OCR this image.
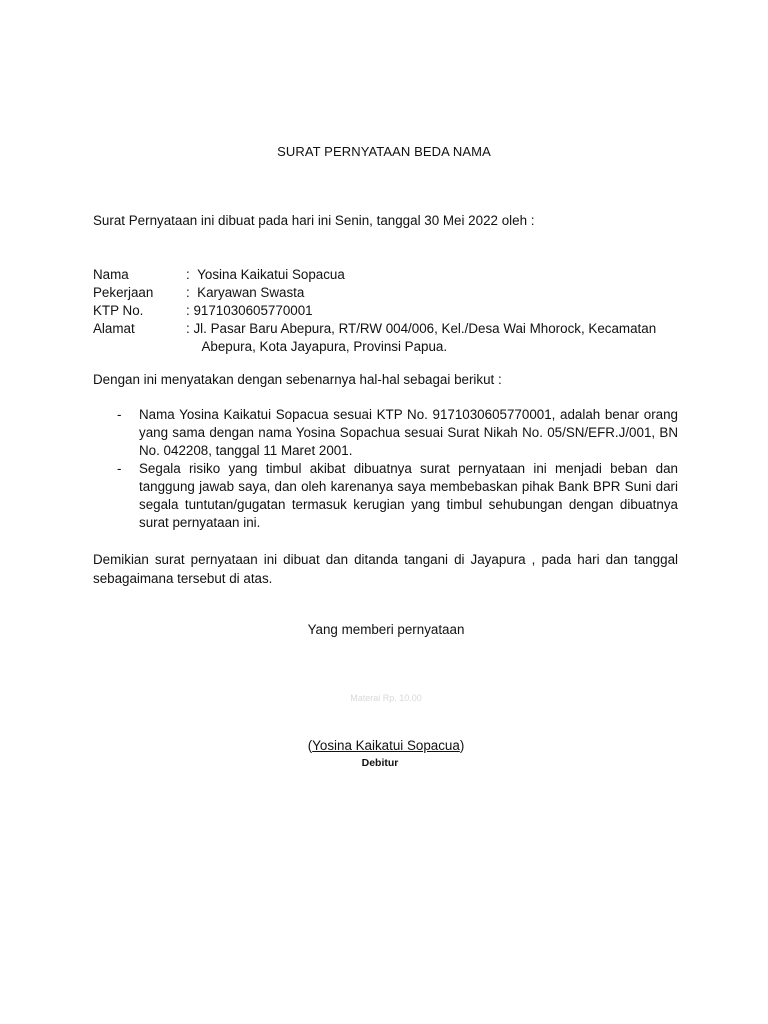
SURAT PERNYATAAN BEDA NAMA
Surat Pernyataan ini dibuat pada hari ini Senin, tanggal 30 Mei 2022 oleh :
Nama	: Yosina Kaikatui Sopacua
Pekerjaan	: Karyawan Swasta
KTP No.	: 9171030605770001
Alamat	: Jl. Pasar Baru Abepura, RT/RW 004/006, Kel./Desa Wai Mhorock, Kecamatan
Abepura, Kota Jayapura, Provinsi Papua.
Dengan ini menyatakan dengan sebenarnya hal-hal sebagai berikut :
-	Nama Yosina Kaikatui Sopacua sesuai KTP No. 9171030605770001, adalah benar orang yang sama dengan nama Yosina Sopachua sesuai Surat Nikah No. 05/SN/EFR.J/001, BN No. 042208, tanggal 11 Maret 2001.
-	Segala risiko yang timbul akibat dibuatnya surat pernyataan ini menjadi beban dan tanggung jawab saya, dan oleh karenanya saya membebaskan pihak Bank BPR Suni dari segala tuntutan/gugatan termasuk kerugian yang timbul sehubungan dengan dibuatnya surat pernyataan ini.
Demikian surat pernyataan ini dibuat dan ditanda tangani di Jayapura , pada hari dan tanggal sebagaimana tersebut di atas.
Yang memberi pernyataan
Materai Rp. 10.00
(Yosina Kaikatui Sopacua)
Debitur
